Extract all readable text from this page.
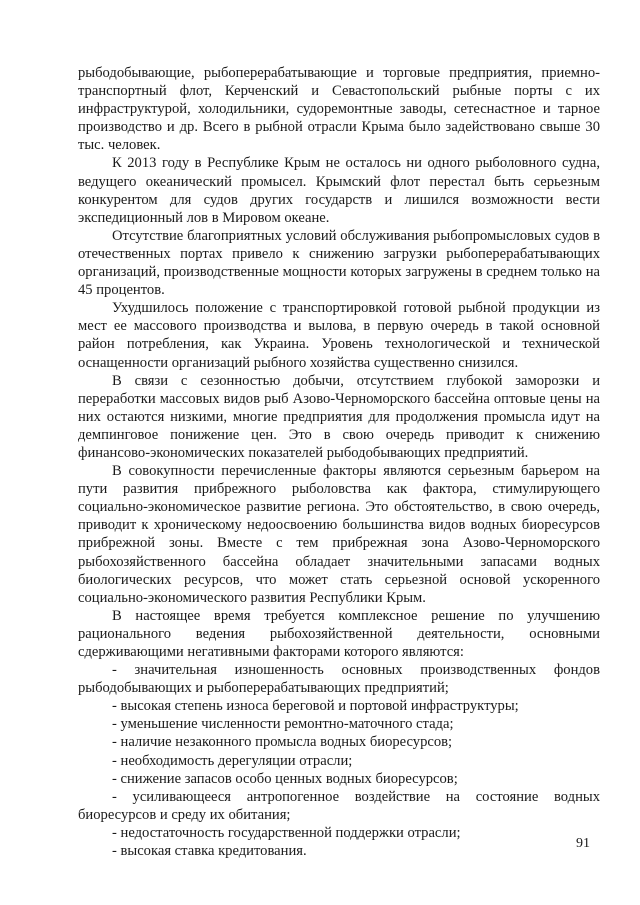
рыбодобывающие, рыбоперерабатывающие и торговые предприятия, приемно-транспортный флот, Керченский и Севастопольский рыбные порты с их инфраструктурой, холодильники, судоремонтные заводы, сетеснастное и тарное производство и др. Всего в рыбной отрасли Крыма было задействовано свыше 30 тыс. человек.

К 2013 году в Республике Крым не осталось ни одного рыболовного судна, ведущего океанический промысел. Крымский флот перестал быть серьезным конкурентом для судов других государств и лишился возможности вести экспедиционный лов в Мировом океане.

Отсутствие благоприятных условий обслуживания рыбопромысловых судов в отечественных портах привело к снижению загрузки рыбоперерабатывающих организаций, производственные мощности которых загружены в среднем только на 45 процентов.

Ухудшилось положение с транспортировкой готовой рыбной продукции из мест ее массового производства и вылова, в первую очередь в такой основной район потребления, как Украина. Уровень технологической и технической оснащенности организаций рыбного хозяйства существенно снизился.

В связи с сезонностью добычи, отсутствием глубокой заморозки и переработки массовых видов рыб Азово-Черноморского бассейна оптовые цены на них остаются низкими, многие предприятия для продолжения промысла идут на демпинговое понижение цен. Это в свою очередь приводит к снижению финансово-экономических показателей рыбодобывающих предприятий.

В совокупности перечисленные факторы являются серьезным барьером на пути развития прибрежного рыболовства как фактора, стимулирующего социально-экономическое развитие региона. Это обстоятельство, в свою очередь, приводит к хроническому недоосвоению большинства видов водных биоресурсов прибрежной зоны. Вместе с тем прибрежная зона Азово-Черноморского рыбохозяйственного бассейна обладает значительными запасами водных биологических ресурсов, что может стать серьезной основой ускоренного социально-экономического развития Республики Крым.

В настоящее время требуется комплексное решение по улучшению рационального ведения рыбохозяйственной деятельности, основными сдерживающими негативными факторами которого являются:

- значительная изношенность основных производственных фондов рыбодобывающих и рыбоперерабатывающих предприятий;

- высокая степень износа береговой и портовой инфраструктуры;

- уменьшение численности ремонтно-маточного стада;

- наличие незаконного промысла водных биоресурсов;

- необходимость дерегуляции отрасли;

- снижение запасов особо ценных водных биоресурсов;

- усиливающееся антропогенное воздействие на состояние водных биоресурсов и среду их обитания;

- недостаточность государственной поддержки отрасли;

- высокая ставка кредитования.	91
